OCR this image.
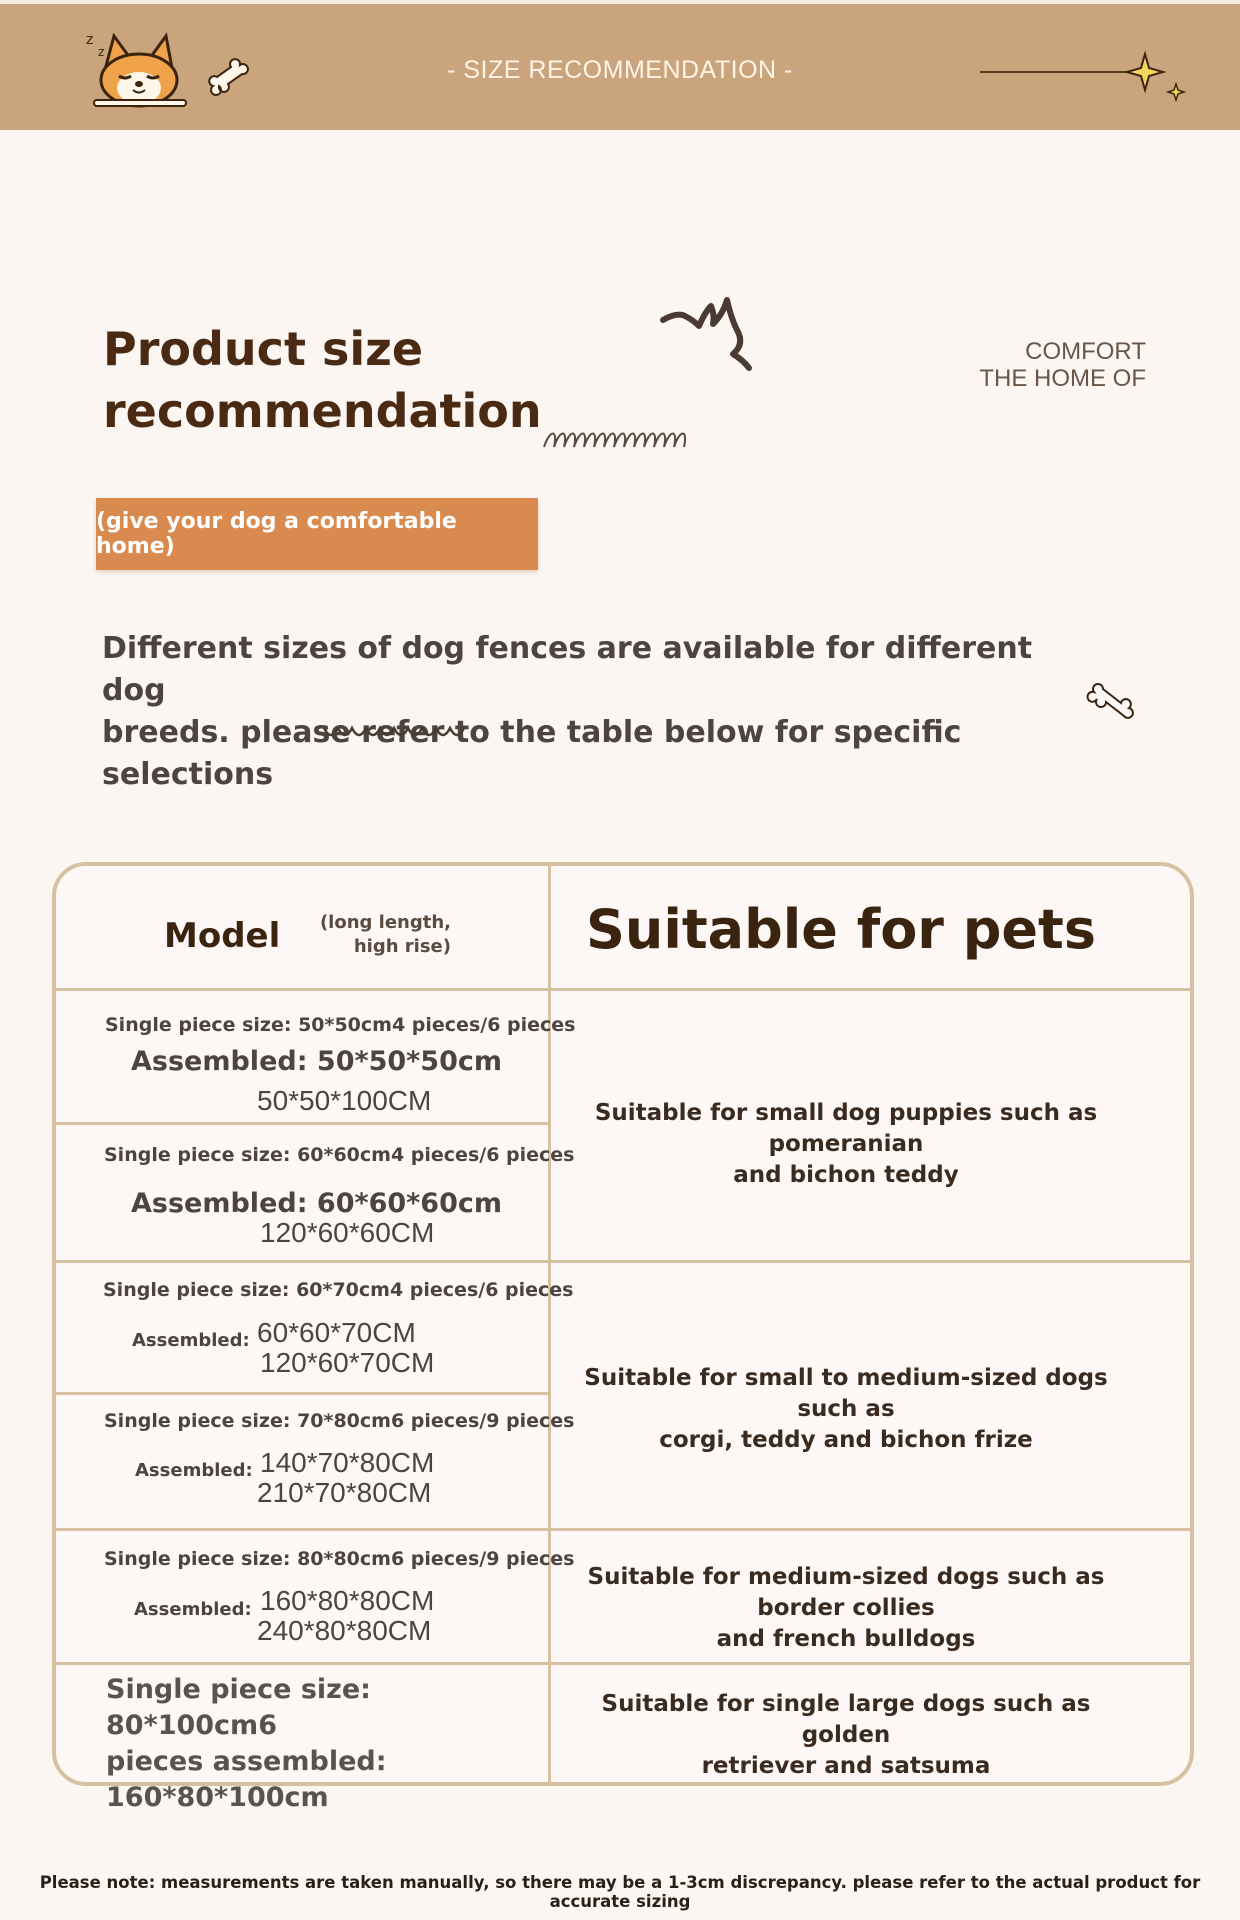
z
z
- SIZE RECOMMENDATION -
Product size
recommendation
COMFORT
THE HOME OF
(give your dog a comfortable home)

Different sizes of dog fences are available for different dog
breeds. please refer to the table below for specific selections

Model	(long length,
high rise)	Suitable for pets
Single piece size: 50*50cm4 pieces/6 pieces
Assembled: 50*50*50cm
50*50*100CM
Single piece size: 60*60cm4 pieces/6 pieces
Assembled: 60*60*60cm
120*60*60CM
Single piece size: 60*70cm4 pieces/6 pieces
Assembled: 60*60*70CM
120*60*70CM
Single piece size: 70*80cm6 pieces/9 pieces
Assembled: 140*70*80CM
210*70*80CM
Single piece size: 80*80cm6 pieces/9 pieces
Assembled: 160*80*80CM
240*80*80CM
Single piece size: 80*100cm6
pieces assembled:
160*80*100cm
Suitable for small dog puppies such as pomeranian
and bichon teddy
Suitable for small to medium-sized dogs such as
corgi, teddy and bichon frize
Suitable for medium-sized dogs such as border collies
and french bulldogs
Suitable for single large dogs such as golden
retriever and satsuma
Please note: measurements are taken manually, so there may be a 1-3cm discrepancy. please refer to the actual product for accurate sizing
